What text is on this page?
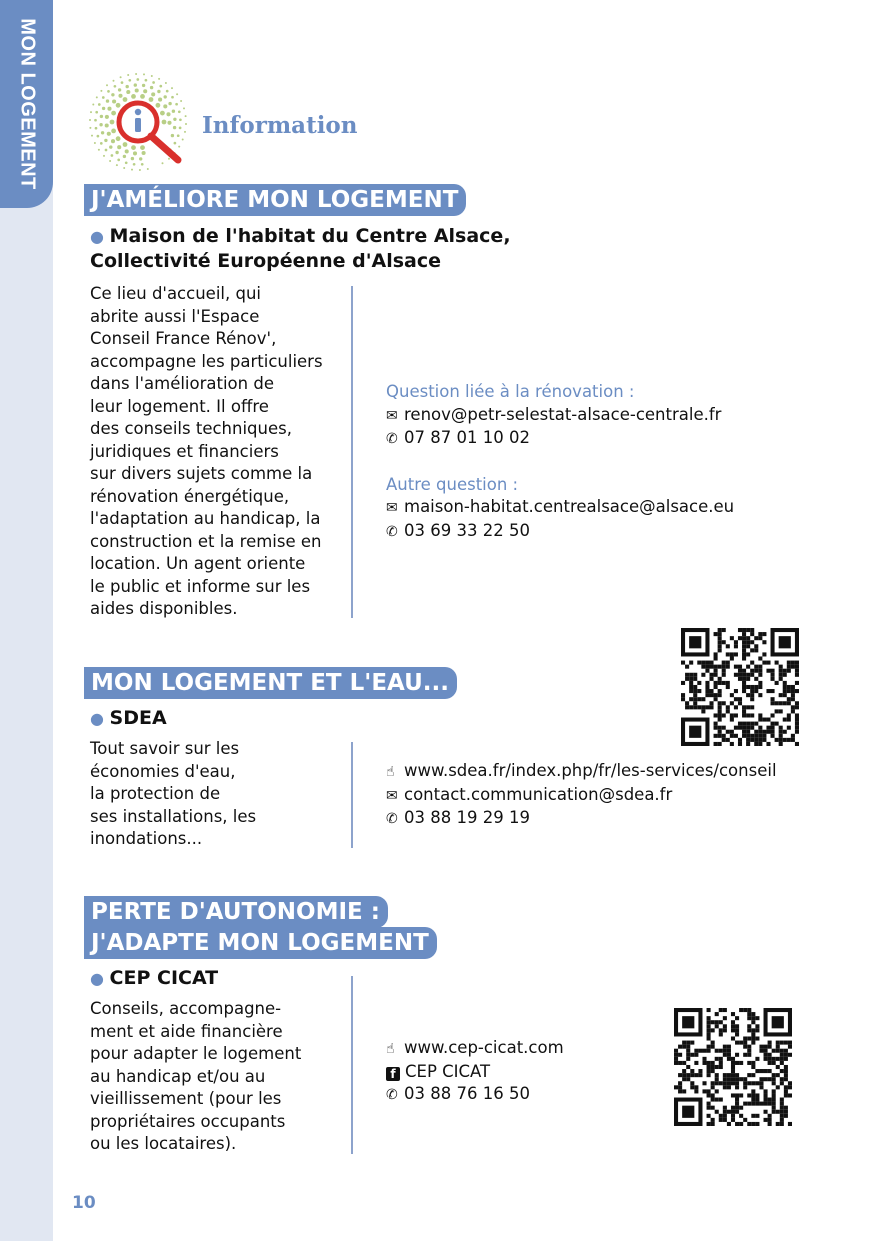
MON LOGEMENT
10
Information
J'AMÉLIORE MON LOGEMENT
● Maison de l'habitat du Centre Alsace,
Collectivité Européenne d'Alsace
Ce lieu d'accueil, qui
abrite aussi l'Espace
Conseil France Rénov',
accompagne les particuliers
dans l'amélioration de
leur logement. Il offre
des conseils techniques,
juridiques et financiers
sur divers sujets comme la
rénovation énergétique,
l'adaptation au handicap, la
construction et la remise en
location. Un agent oriente
le public et informe sur les
aides disponibles.
Question liée à la rénovation :
✉ renov@petr-selestat-alsace-centrale.fr
✆ 07 87 01 10 02
Autre question :
✉ maison-habitat.centrealsace@alsace.eu
✆ 03 69 33 22 50
MON LOGEMENT ET L'EAU...
● SDEA
Tout savoir sur les
économies d'eau,
la protection de
ses installations, les
inondations...
☝ www.sdea.fr/index.php/fr/les-services/conseil
✉ contact.communication@sdea.fr
✆ 03 88 19 29 19
PERTE D'AUTONOMIE :
J'ADAPTE MON LOGEMENT
● CEP CICAT
Conseils, accompagne-
ment et aide financière
pour adapter le logement
au handicap et/ou au
vieillissement (pour les
propriétaires occupants
ou les locataires).
☝ www.cep-cicat.com
f CEP CICAT
✆ 03 88 76 16 50
